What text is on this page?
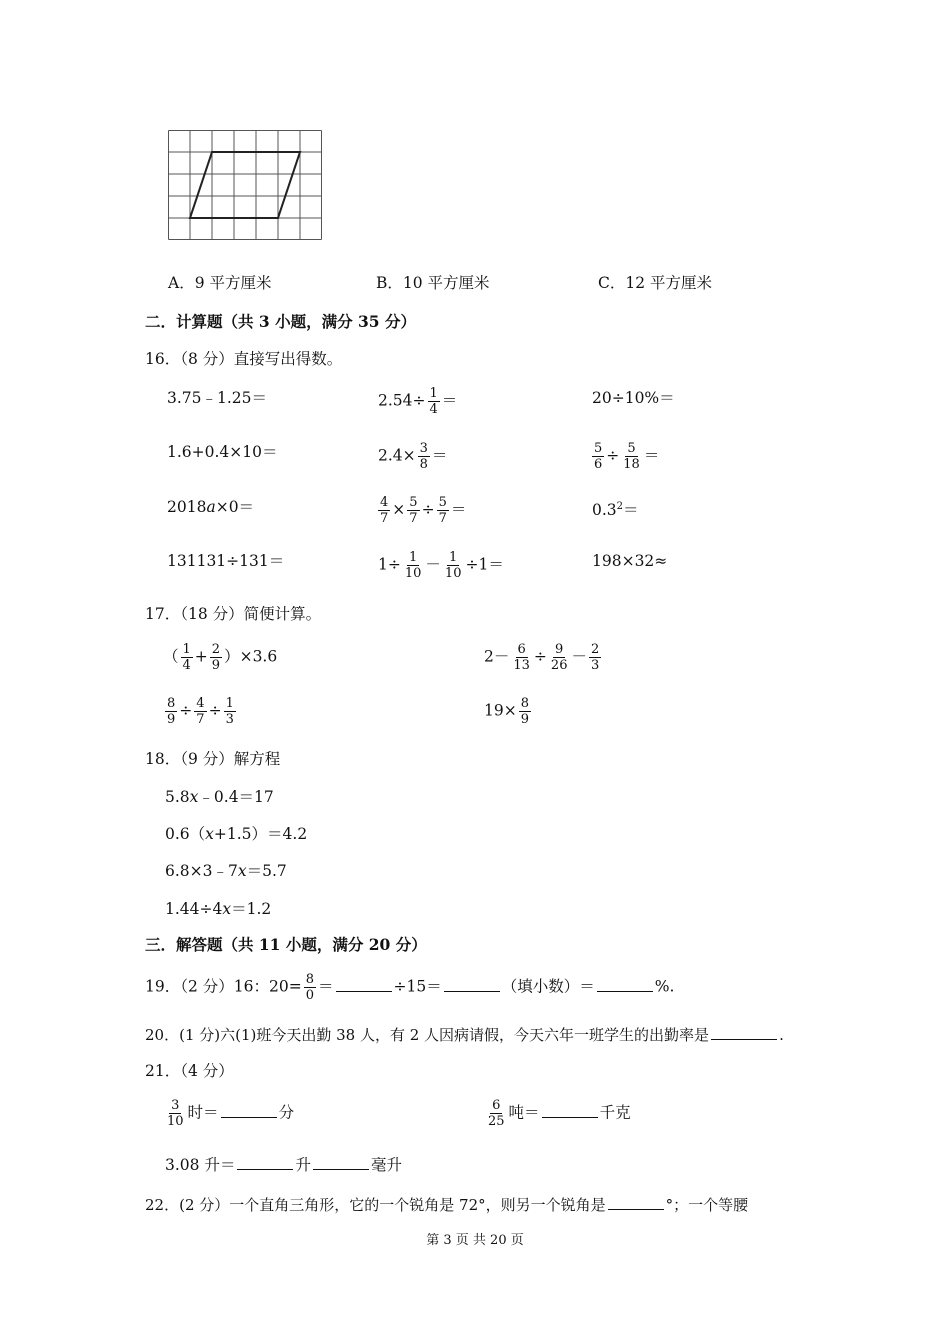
A．9 平方厘米	B．10 平方厘米	C．12 平方厘米
二．计算题（共 3 小题，满分 35 分）
16．（8 分）直接写出得数。
3.75﹣1.25＝	$2.54\div \frac{1}{4}$ ＝	20÷10%＝
1.6+0.4×10＝	$2.4\times \frac{3}{8}$ ＝	$\frac{5}{6} \div \frac{5}{18}$ ＝
2018a×0＝	$\frac{4}{7} \times \frac{5}{7} \div \frac{5}{7}$ ＝	$0.3^2=$
131131÷131＝	$1\div \frac{1}{10} - \frac{1}{10} \div 1=$	198×32≈
17．（18 分）简便计算。
（ $\frac{1}{4} + \frac{2}{9} )\times 3.6$	$2- \frac{6}{13} \div \frac{9}{26} - \frac{2}{3}$
$\frac{8}{9} \div \frac{4}{7} \div \frac{1}{3}$	$19\times \frac{8}{9}$
18．（9 分）解方程
5.8x﹣0.4＝17
0.6（x+1.5）＝4.2
6.8×3﹣7x＝5.7
1.44÷4x＝1.2
三．解答题（共 11 小题，满分 20 分）
19．（2 分）16：$20= \frac{8}{0}$ ＝	÷15＝	（填小数）＝	%.
20．(1 分)六(1)班今天出勤 38 人，有 2 人因病请假，今天六年一班学生的出勤率是	.
21．（4 分）
$\frac{3}{10}$ 时＝	分	$\frac{6}{25}$ 吨＝	千克
3.08 升＝	升	毫升
22．(2 分）一个直角三角形，它的一个锐角是 72°，则另一个锐角是	°；一个等腰
第 3 页 共 20 页
